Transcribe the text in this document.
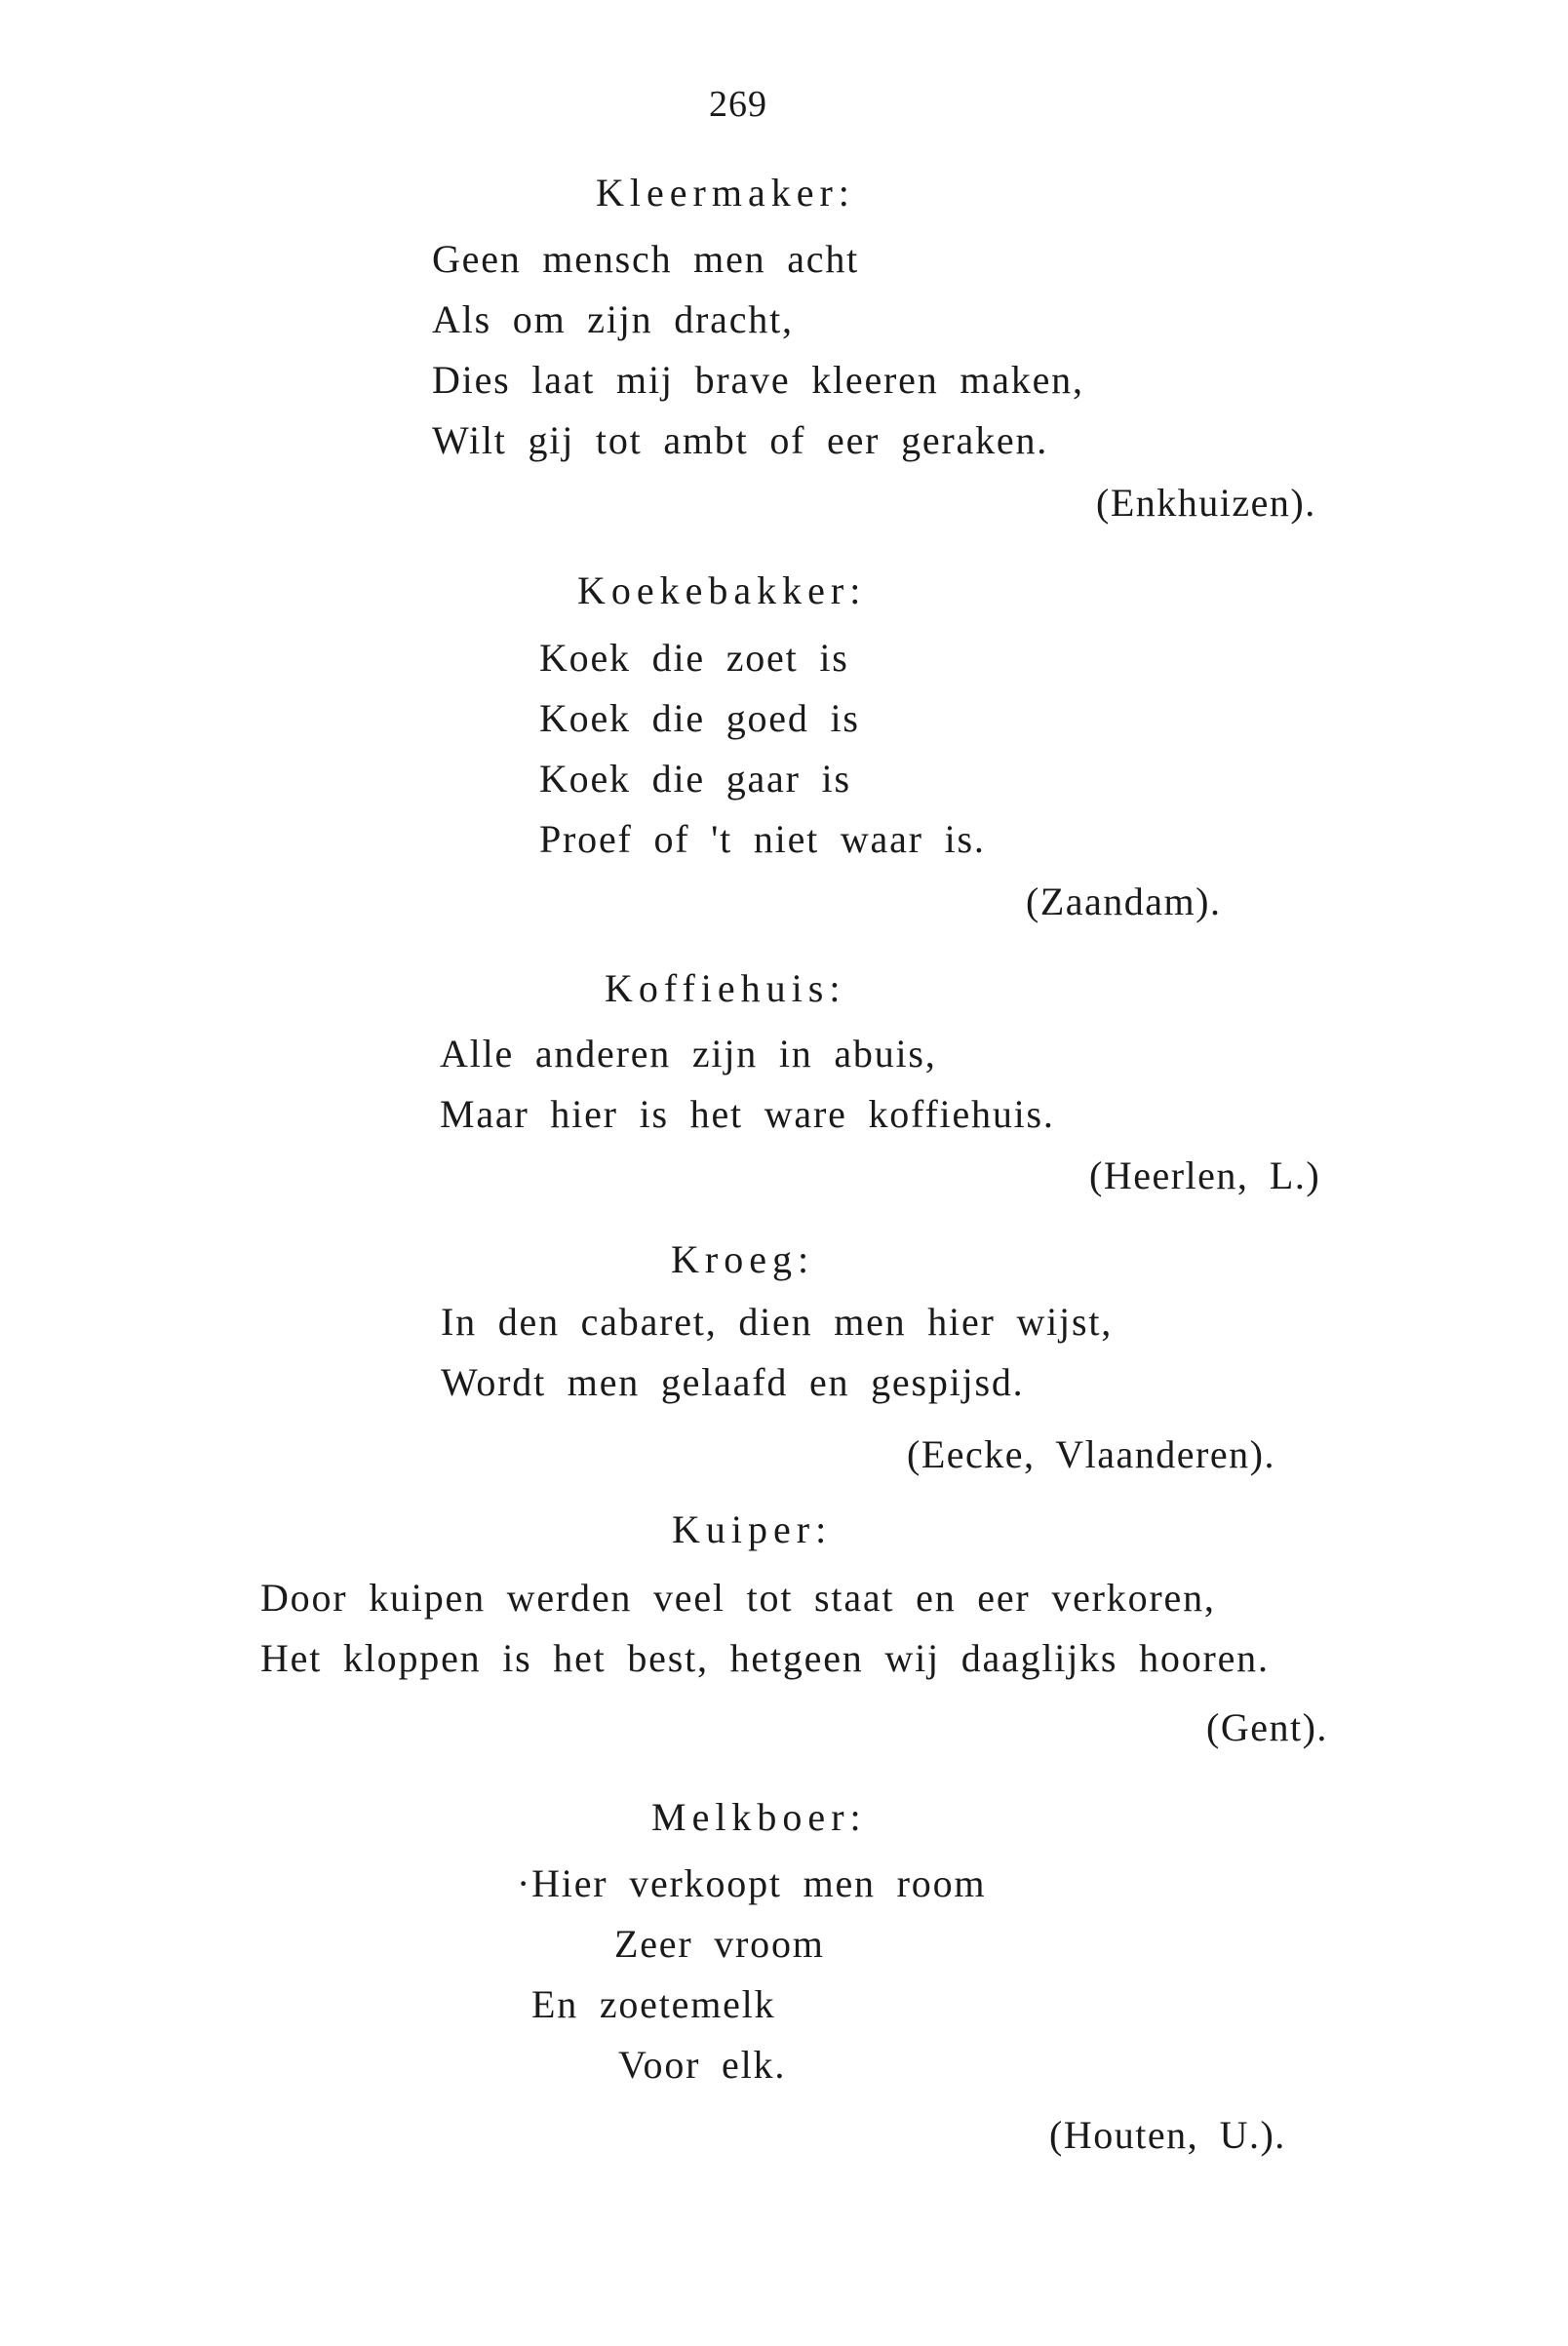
269
Kleermaker:
Geen mensch men acht
Als om zijn dracht,
Dies laat mij brave kleeren maken,
Wilt gij tot ambt of eer geraken.
(Enkhuizen).
Koekebakker:
Koek die zoet is
Koek die goed is
Koek die gaar is
Proef of 't niet waar is.
(Zaandam).
Koffiehuis:
Alle anderen zijn in abuis,
Maar hier is het ware koffiehuis.
(Heerlen, L.)
Kroeg:
In den cabaret, dien men hier wijst,
Wordt men gelaafd en gespijsd.
(Eecke, Vlaanderen).
Kuiper:
Door kuipen werden veel tot staat en eer verkoren,
Het kloppen is het best, hetgeen wij daaglijks hooren.
(Gent).
Melkboer:
·Hier verkoopt men room
Zeer vroom
En zoetemelk
Voor elk.
(Houten, U.).
